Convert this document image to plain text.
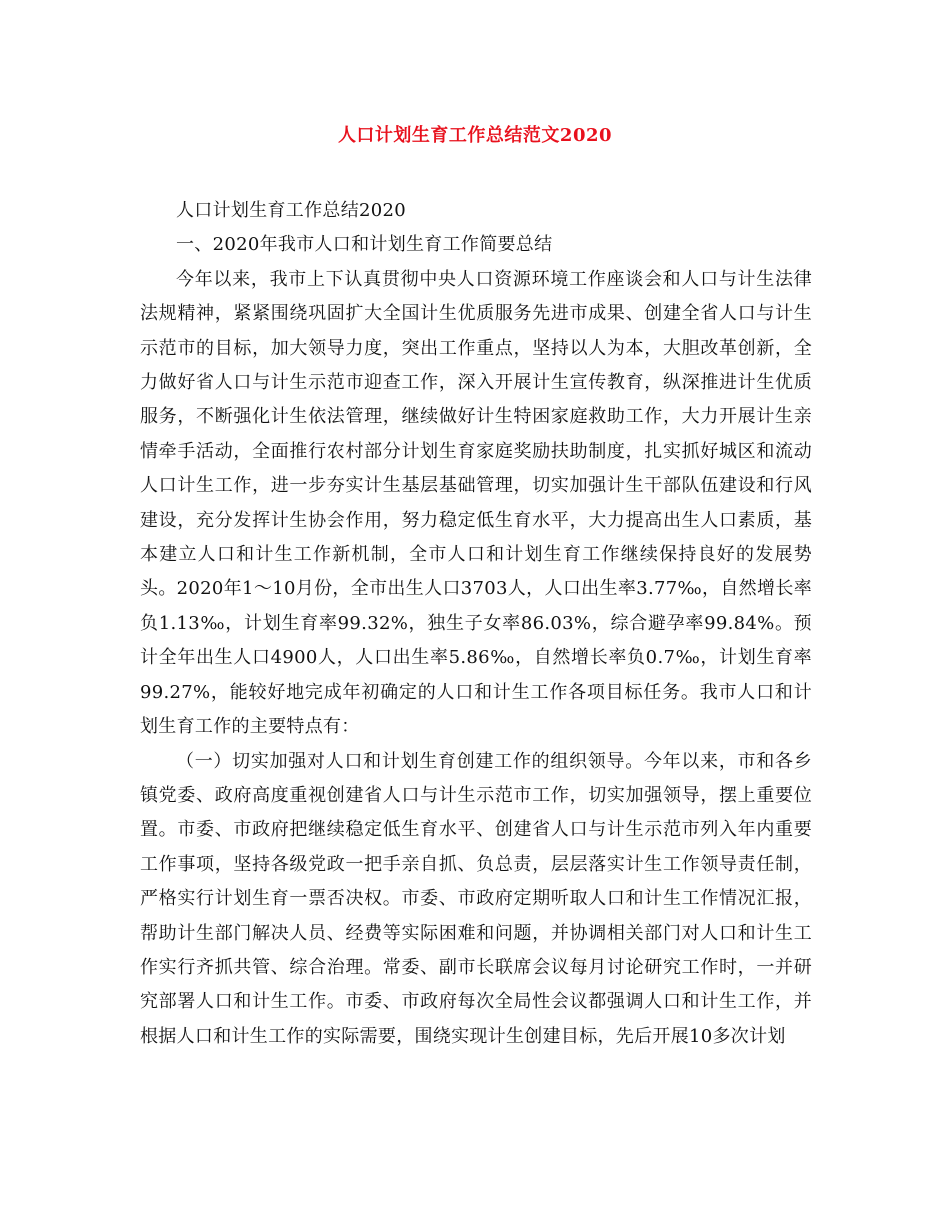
人口计划生育工作总结范文2020

人口计划生育工作总结2020

一、2020年我市人口和计划生育工作简要总结

今年以来，我市上下认真贯彻中央人口资源环境工作座谈会和人口与计生法律法规精神，紧紧围绕巩固扩大全国计生优质服务先进市成果、创建全省人口与计生示范市的目标，加大领导力度，突出工作重点，坚持以人为本，大胆改革创新，全力做好省人口与计生示范市迎查工作，深入开展计生宣传教育，纵深推进计生优质服务，不断强化计生依法管理，继续做好计生特困家庭救助工作，大力开展计生亲情牵手活动，全面推行农村部分计划生育家庭奖励扶助制度，扎实抓好城区和流动人口计生工作，进一步夯实计生基层基础管理，切实加强计生干部队伍建设和行风建设，充分发挥计生协会作用，努力稳定低生育水平，大力提高出生人口素质，基本建立人口和计生工作新机制，全市人口和计划生育工作继续保持良好的发展势头。2020年1～10月份，全市出生人口3703人，人口出生率3.77‰，自然增长率负1.13‰，计划生育率99.32%，独生子女率86.03%，综合避孕率99.84%。预计全年出生人口4900人，人口出生率5.86‰，自然增长率负0.7‰，计划生育率99.27%，能较好地完成年初确定的人口和计生工作各项目标任务。我市人口和计划生育工作的主要特点有：

（一）切实加强对人口和计划生育创建工作的组织领导。今年以来，市和各乡镇党委、政府高度重视创建省人口与计生示范市工作，切实加强领导，摆上重要位置。市委、市政府把继续稳定低生育水平、创建省人口与计生示范市列入年内重要工作事项，坚持各级党政一把手亲自抓、负总责，层层落实计生工作领导责任制，严格实行计划生育一票否决权。市委、市政府定期听取人口和计生工作情况汇报，帮助计生部门解决人员、经费等实际困难和问题，并协调相关部门对人口和计生工作实行齐抓共管、综合治理。常委、副市长联席会议每月讨论研究工作时，一并研究部署人口和计生工作。市委、市政府每次全局性会议都强调人口和计生工作，并根据人口和计生工作的实际需要，围绕实现计生创建目标，先后开展10多次计划
